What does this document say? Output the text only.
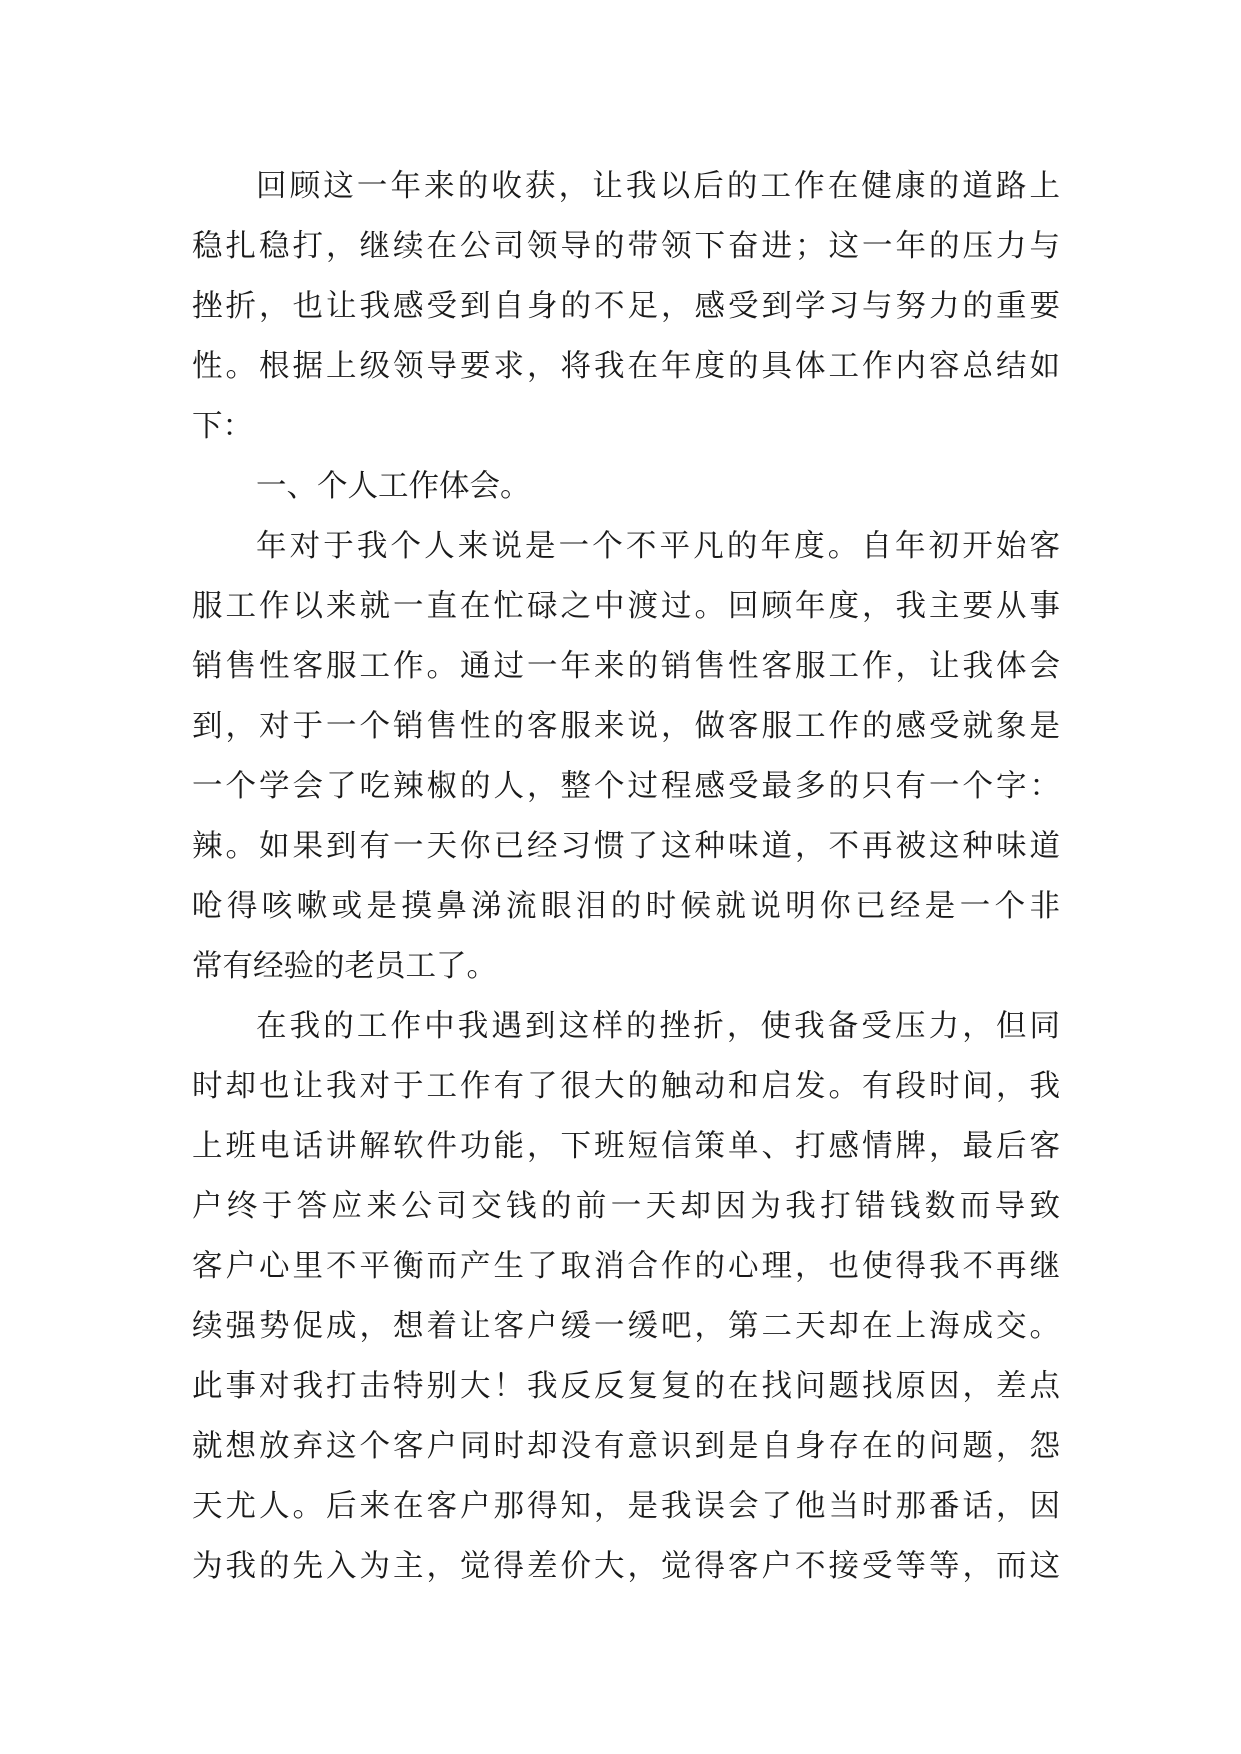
回顾这一年来的收获，让我以后的工作在健康的道路上
稳扎稳打，继续在公司领导的带领下奋进；这一年的压力与
挫折，也让我感受到自身的不足，感受到学习与努力的重要
性。根据上级领导要求，将我在年度的具体工作内容总结如
下：
一、个人工作体会。
年对于我个人来说是一个不平凡的年度。自年初开始客
服工作以来就一直在忙碌之中渡过。回顾年度，我主要从事
销售性客服工作。通过一年来的销售性客服工作，让我体会
到，对于一个销售性的客服来说，做客服工作的感受就象是
一个学会了吃辣椒的人，整个过程感受最多的只有一个字：
辣。如果到有一天你已经习惯了这种味道，不再被这种味道
呛得咳嗽或是摸鼻涕流眼泪的时候就说明你已经是一个非
常有经验的老员工了。
在我的工作中我遇到这样的挫折，使我备受压力，但同
时却也让我对于工作有了很大的触动和启发。有段时间，我
上班电话讲解软件功能，下班短信策单、打感情牌，最后客
户终于答应来公司交钱的前一天却因为我打错钱数而导致
客户心里不平衡而产生了取消合作的心理，也使得我不再继
续强势促成，想着让客户缓一缓吧，第二天却在上海成交。
此事对我打击特别大！我反反复复的在找问题找原因，差点
就想放弃这个客户同时却没有意识到是自身存在的问题，怨
天尤人。后来在客户那得知，是我误会了他当时那番话，因
为我的先入为主，觉得差价大，觉得客户不接受等等，而这
